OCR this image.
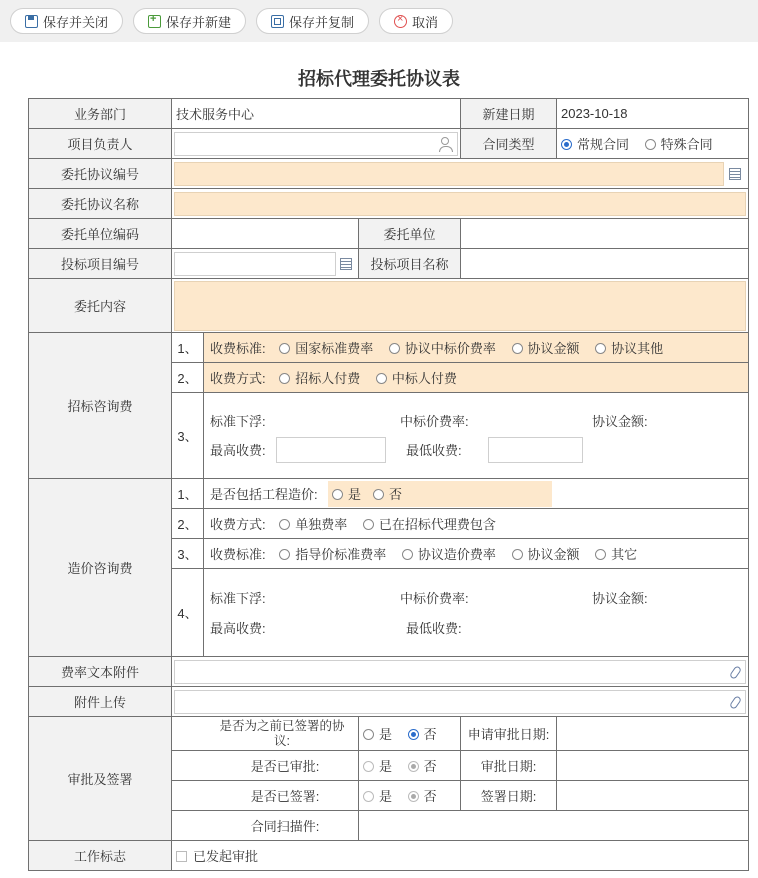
保存并关闭 +	保存并新建	保存并复制 ×	取消
招标代理委托协议表
业务部门	技术服务中心			新建日期	2023-10-18
项目负责人				合同类型	常规合同 特殊合同
委托协议编号					

委托协议名称					

委托单位编码			委托单位		
投标项目编号			投标项目名称		
委托内容					

招标咨询费	1、	收费标准: 国家标准费率 协议中标价费率 协议金额 协议其他			
	2、	收费方式: 招标人付费 中标人付费			
	3、	标准下浮: 中标价费率: 协议金额:
最高收费: 最低收费:			

造价咨询费	1、	是否包括工程造价: 是 否			

	2、	收费方式: 单独费率 已在招标代理费包含			
	3、	收费标准: 指导价标准费率 协议造价费率 协议金额 其它			
	4、	标准下浮: 中标价费率: 协议金额:
最高收费: 最低收费:			

费率文本附件					

附件上传					

审批及签署	是否为之前已签署的协议:		是 否	申请审批日期:	
	是否已审批:		是 否	审批日期:	
	是否已签署:		是 否	签署日期:	
	合同扫描件:				
工作标志	已发起审批				
